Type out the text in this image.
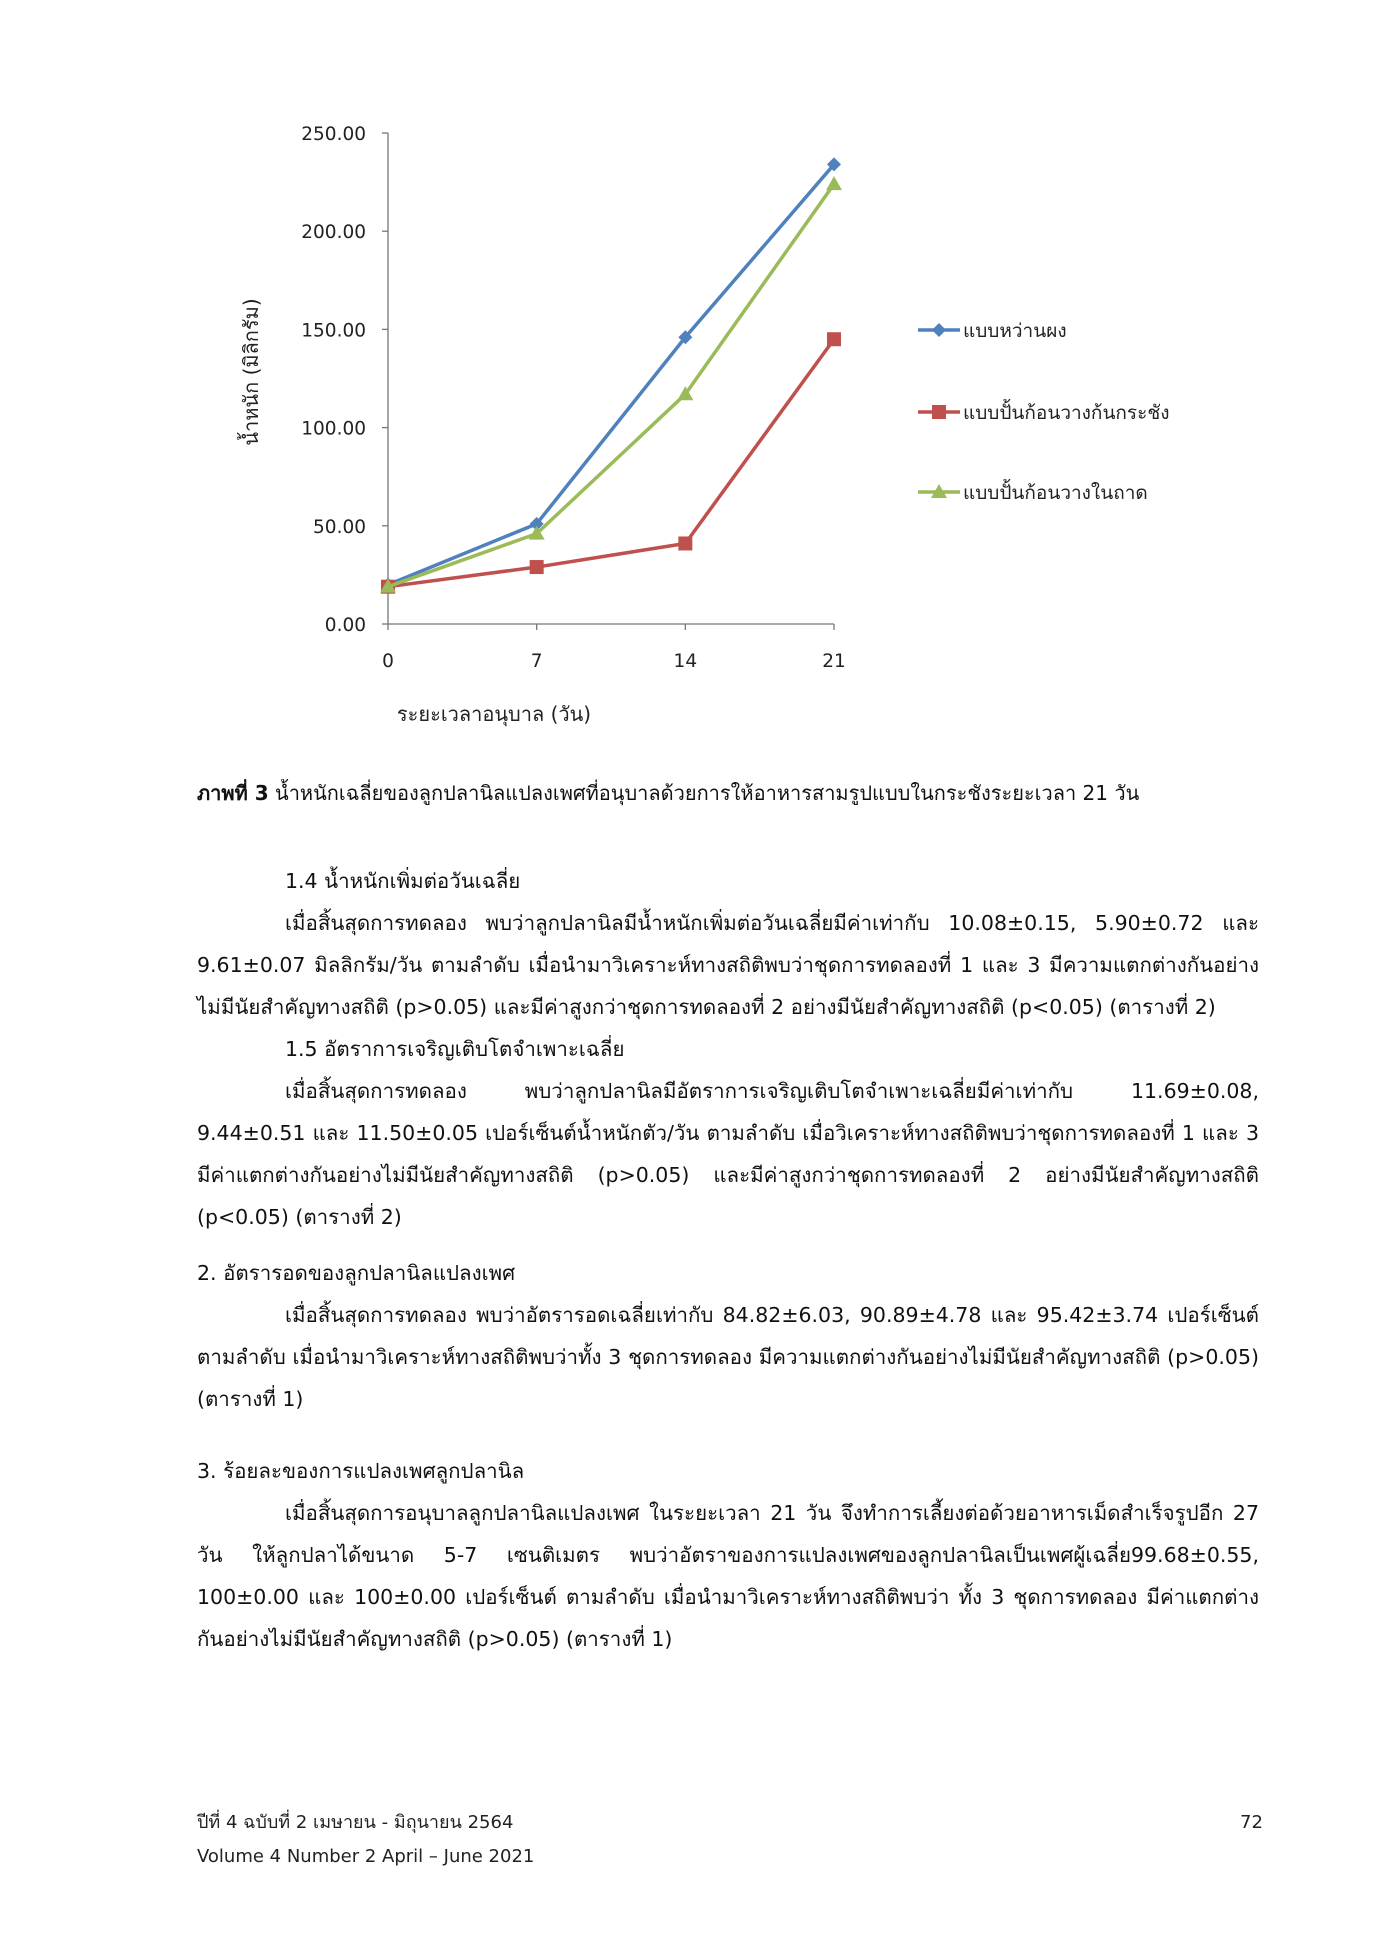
0.00
50.00
100.00
150.00
200.00
250.00
0	7	14	21
แบบหว่านผง
แบบปั้นก้อนวางก้นกระชัง
แบบปั้นก้อนวางในถาด
น้ำหนัก (มิลิกรัม)
ระยะเวลาอนุบาล (วัน)
ภาพที่ 3 น้ำหนักเฉลี่ยของลูกปลานิลแปลงเพศที่อนุบาลด้วยการให้อาหารสามรูปแบบในกระชังระยะเวลา 21 วัน

1.4 น้ำหนักเพิ่มต่อวันเฉลี่ย

เมื่อสิ้นสุดการทดลอง พบว่าลูกปลานิลมีน้ำหนักเพิ่มต่อวันเฉลี่ยมีค่าเท่ากับ 10.08±0.15, 5.90±0.72 และ 9.61±0.07 มิลลิกรัม/วัน ตามลำดับ เมื่อนำมาวิเคราะห์ทางสถิติพบว่าชุดการทดลองที่ 1 และ 3 มีความแตกต่างกันอย่างไม่มีนัยสำคัญทางสถิติ (p>0.05) และมีค่าสูงกว่าชุดการทดลองที่ 2 อย่างมีนัยสำคัญทางสถิติ (p<0.05) (ตารางที่ 2)

1.5 อัตราการเจริญเติบโตจำเพาะเฉลี่ย

เมื่อสิ้นสุดการทดลอง พบว่าลูกปลานิลมีอัตราการเจริญเติบโตจำเพาะเฉลี่ยมีค่าเท่ากับ 11.69±0.08, 9.44±0.51 และ 11.50±0.05 เปอร์เซ็นต์น้ำหนักตัว/วัน ตามลำดับ เมื่อวิเคราะห์ทางสถิติพบว่าชุดการทดลองที่ 1 และ 3 มีค่าแตกต่างกันอย่างไม่มีนัยสำคัญทางสถิติ (p>0.05) และมีค่าสูงกว่าชุดการทดลองที่ 2 อย่างมีนัยสำคัญทางสถิติ (p<0.05) (ตารางที่ 2)

2. อัตรารอดของลูกปลานิลแปลงเพศ

เมื่อสิ้นสุดการทดลอง พบว่าอัตรารอดเฉลี่ยเท่ากับ 84.82±6.03, 90.89±4.78 และ 95.42±3.74 เปอร์เซ็นต์ ตามลำดับ เมื่อนำมาวิเคราะห์ทางสถิติพบว่าทั้ง 3 ชุดการทดลอง มีความแตกต่างกันอย่างไม่มีนัยสำคัญทางสถิติ (p>0.05) (ตารางที่ 1)

3. ร้อยละของการแปลงเพศลูกปลานิล

เมื่อสิ้นสุดการอนุบาลลูกปลานิลแปลงเพศ ในระยะเวลา 21 วัน จึงทำการเลี้ยงต่อด้วยอาหารเม็ดสำเร็จรูปอีก 27 วัน ให้ลูกปลาได้ขนาด 5-7 เซนติเมตร พบว่าอัตราของการแปลงเพศของลูกปลานิลเป็นเพศผู้เฉลี่ย99.68±0.55, 100±0.00 และ 100±0.00 เปอร์เซ็นต์ ตามลำดับ เมื่อนำมาวิเคราะห์ทางสถิติพบว่า ทั้ง 3 ชุดการทดลอง มีค่าแตกต่างกันอย่างไม่มีนัยสำคัญทางสถิติ (p>0.05) (ตารางที่ 1)

ปีที่ 4 ฉบับที่ 2 เมษายน - มิถุนายน 2564
Volume 4 Number 2 April – June 2021
72
